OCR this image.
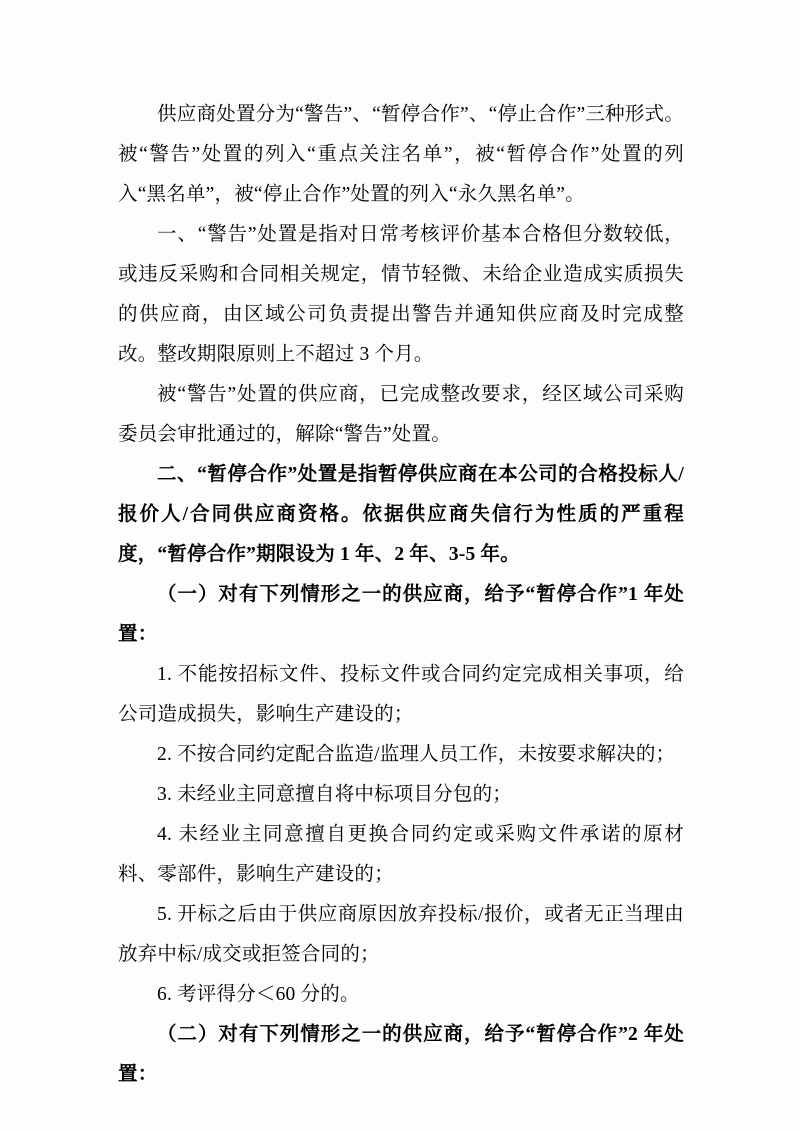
供应商处置分为“警告”、“暂停合作”、“停止合作”三种形式。被“警告”处置的列入“重点关注名单”，被“暂停合作”处置的列入“黑名单”，被“停止合作”处置的列入“永久黑名单”。

一、“警告”处置是指对日常考核评价基本合格但分数较低，或违反采购和合同相关规定，情节轻微、未给企业造成实质损失的供应商，由区域公司负责提出警告并通知供应商及时完成整改。整改期限原则上不超过 3 个月。

被“警告”处置的供应商，已完成整改要求，经区域公司采购委员会审批通过的，解除“警告”处置。

二、“暂停合作”处置是指暂停供应商在本公司的合格投标人/报价人/合同供应商资格。依据供应商失信行为性质的严重程度，“暂停合作”期限设为 1 年、2 年、3-5 年。

（一）对有下列情形之一的供应商，给予“暂停合作”1 年处置：

1. 不能按招标文件、投标文件或合同约定完成相关事项，给公司造成损失，影响生产建设的；

2. 不按合同约定配合监造/监理人员工作，未按要求解决的；

3. 未经业主同意擅自将中标项目分包的；

4. 未经业主同意擅自更换合同约定或采购文件承诺的原材料、零部件，影响生产建设的；

5. 开标之后由于供应商原因放弃投标/报价，或者无正当理由放弃中标/成交或拒签合同的；

6. 考评得分＜60 分的。

（二）对有下列情形之一的供应商，给予“暂停合作”2 年处置：
